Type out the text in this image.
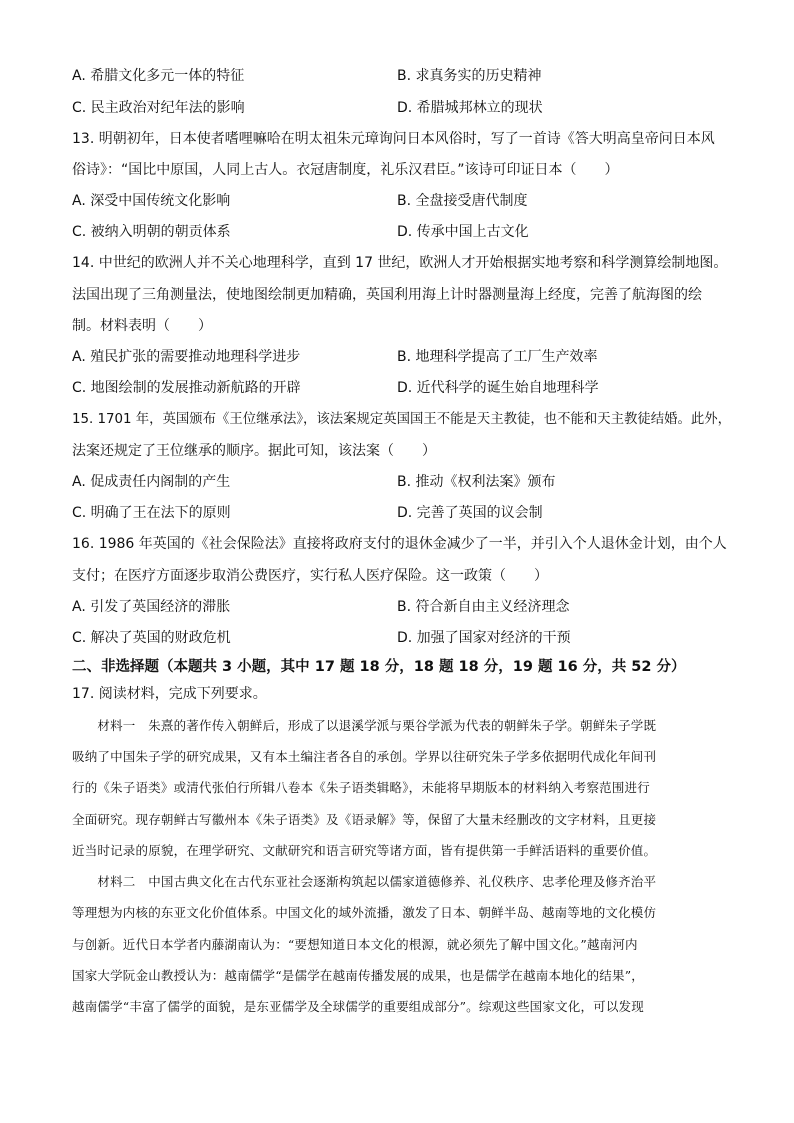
A. 希腊文化多元一体的特征	B. 求真务实的历史精神
C. 民主政治对纪年法的影响	D. 希腊城邦林立的现状
13. 明朝初年，日本使者嗜哩嘛哈在明太祖朱元璋询问日本风俗时，写了一首诗《答大明高皇帝问日本风
俗诗》：“国比中原国，人同上古人。衣冠唐制度，礼乐汉君臣。”该诗可印证日本（　　）
A. 深受中国传统文化影响	B. 全盘接受唐代制度
C. 被纳入明朝的朝贡体系	D. 传承中国上古文化
14. 中世纪的欧洲人并不关心地理科学，直到 17 世纪，欧洲人才开始根据实地考察和科学测算绘制地图。
法国出现了三角测量法，使地图绘制更加精确，英国利用海上计时器测量海上经度，完善了航海图的绘
制。材料表明（　　）
A. 殖民扩张的需要推动地理科学进步	B. 地理科学提高了工厂生产效率
C. 地图绘制的发展推动新航路的开辟	D. 近代科学的诞生始自地理科学
15. 1701 年，英国颁布《王位继承法》，该法案规定英国国王不能是天主教徒，也不能和天主教徒结婚。此外，
法案还规定了王位继承的顺序。据此可知，该法案（　　）
A. 促成责任内阁制的产生	B. 推动《权利法案》颁布
C. 明确了王在法下的原则	D. 完善了英国的议会制
16. 1986 年英国的《社会保险法》直接将政府支付的退休金减少了一半，并引入个人退休金计划，由个人
支付；在医疗方面逐步取消公费医疗，实行私人医疗保险。这一政策（　　）
A. 引发了英国经济的滞胀	B. 符合新自由主义经济理念
C. 解决了英国的财政危机	D. 加强了国家对经济的干预
二、非选择题（本题共 3 小题，其中 17 题 18 分，18 题 18 分，19 题 16 分，共 52 分）
17. 阅读材料，完成下列要求。
　　材料一　朱熹的著作传入朝鲜后，形成了以退溪学派与栗谷学派为代表的朝鲜朱子学。朝鲜朱子学既
吸纳了中国朱子学的研究成果，又有本土编注者各自的承创。学界以往研究朱子学多依据明代成化年间刊
行的《朱子语类》或清代张伯行所辑八卷本《朱子语类辑略》，未能将早期版本的材料纳入考察范围进行
全面研究。现存朝鲜古写徽州本《朱子语类》及《语录解》等，保留了大量未经删改的文字材料，且更接
近当时记录的原貌，在理学研究、文献研究和语言研究等诸方面，皆有提供第一手鲜活语料的重要价值。
　　材料二　中国古典文化在古代东亚社会逐渐构筑起以儒家道德修养、礼仪秩序、忠孝伦理及修齐治平
等理想为内核的东亚文化价值体系。中国文化的域外流播，激发了日本、朝鲜半岛、越南等地的文化模仿
与创新。近代日本学者内藤湖南认为：“要想知道日本文化的根源，就必须先了解中国文化。”越南河内
国家大学阮金山教授认为：越南儒学“是儒学在越南传播发展的成果，也是儒学在越南本地化的结果”，
越南儒学“丰富了儒学的面貌，是东亚儒学及全球儒学的重要组成部分”。综观这些国家文化，可以发现
